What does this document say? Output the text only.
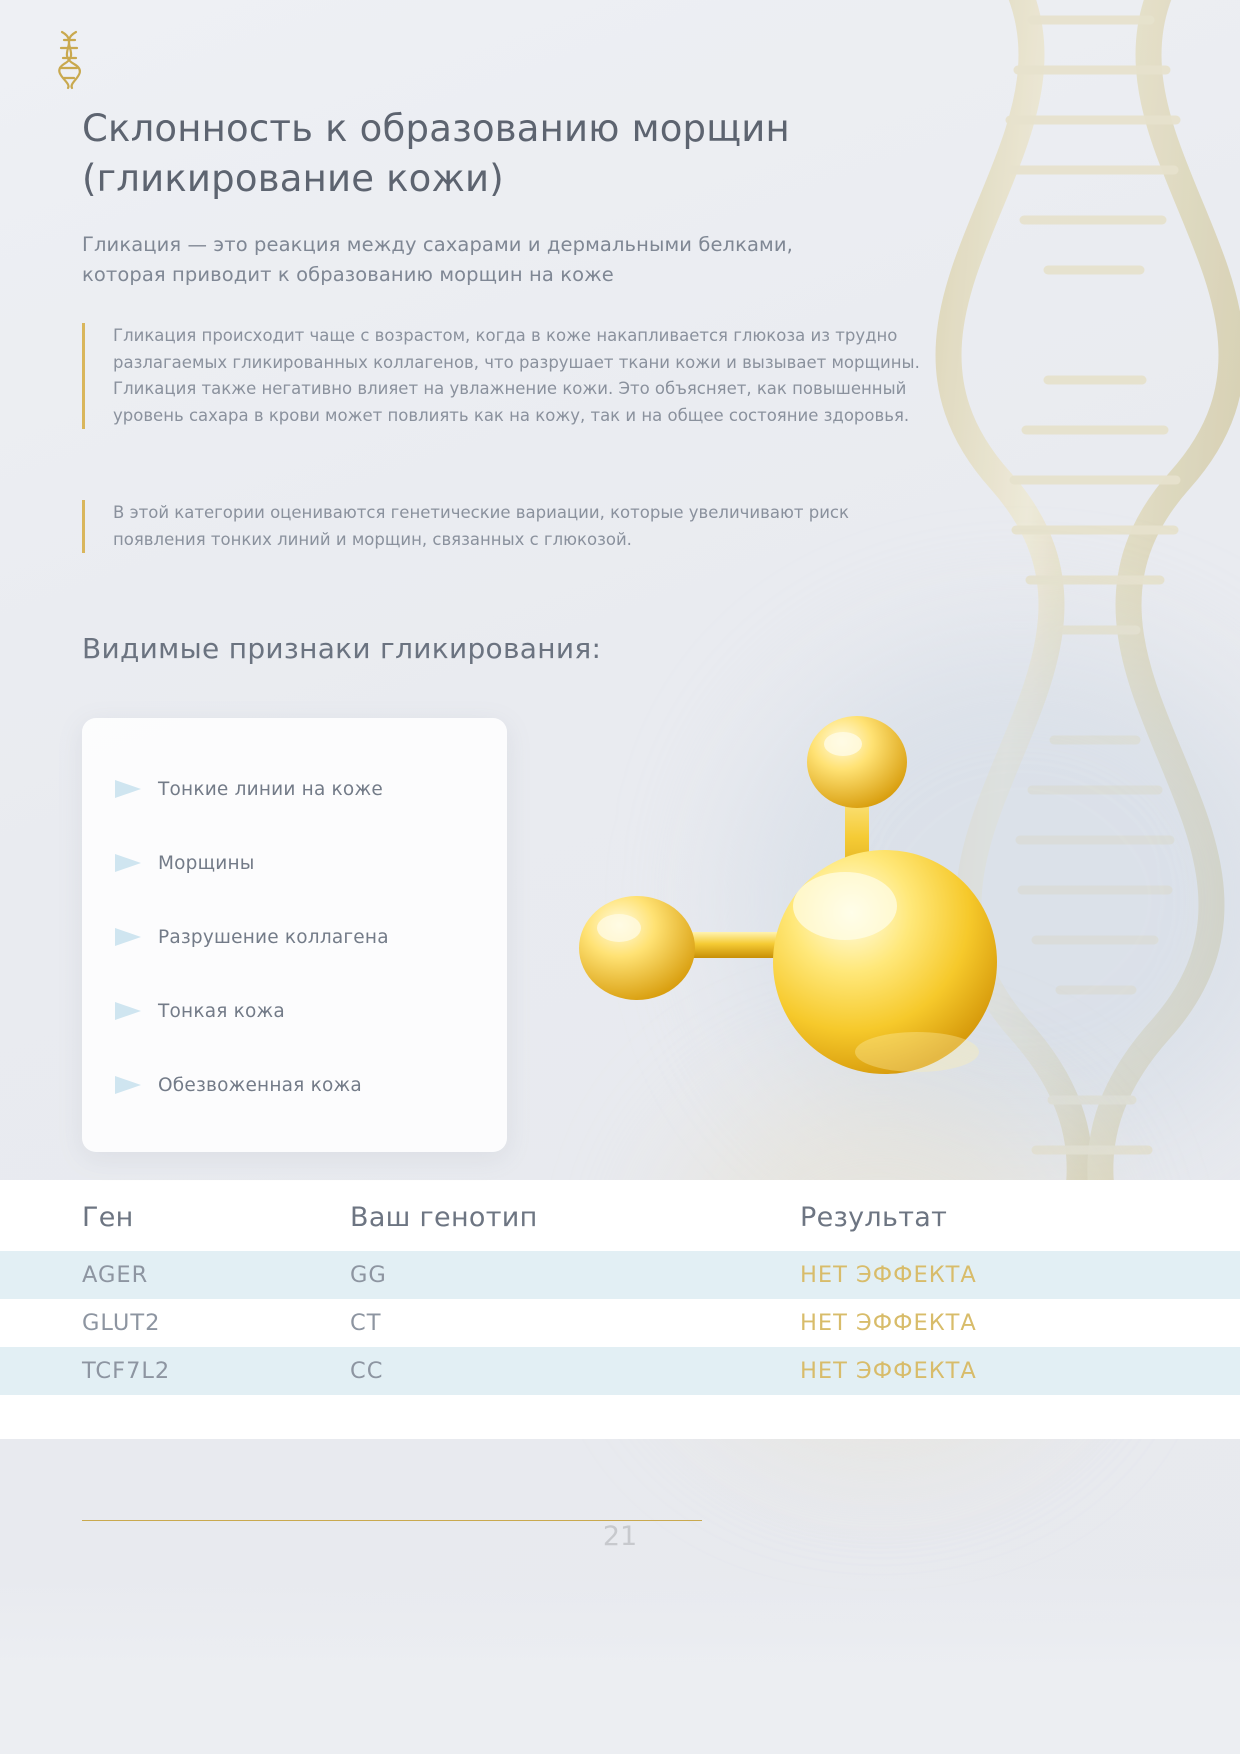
Склонность к образованию морщин (гликирование кожи)
Гликация — это реакция между сахарами и дермальными белками, которая приводит к образованию морщин на коже
Гликация происходит чаще с возрастом, когда в коже накапливается глюкоза из трудно разлагаемых гликированных коллагенов, что разрушает ткани кожи и вызывает морщины. Гликация также негативно влияет на увлажнение кожи. Это объясняет, как повышенный уровень сахара в крови может повлиять как на кожу, так и на общее состояние здоровья.
В этой категории оцениваются генетические вариации, которые увеличивают риск появления тонких линий и морщин, связанных с глюкозой.
Видимые признаки гликирования:
Тонкие линии на коже
Морщины
Разрушение коллагена
Тонкая кожа
Обезвоженная кожа
Ген	Ваш генотип	Результат
AGER	GG	НЕТ ЭФФЕКТА
GLUT2	CT	НЕТ ЭФФЕКТА
TCF7L2	CC	НЕТ ЭФФЕКТА
21
